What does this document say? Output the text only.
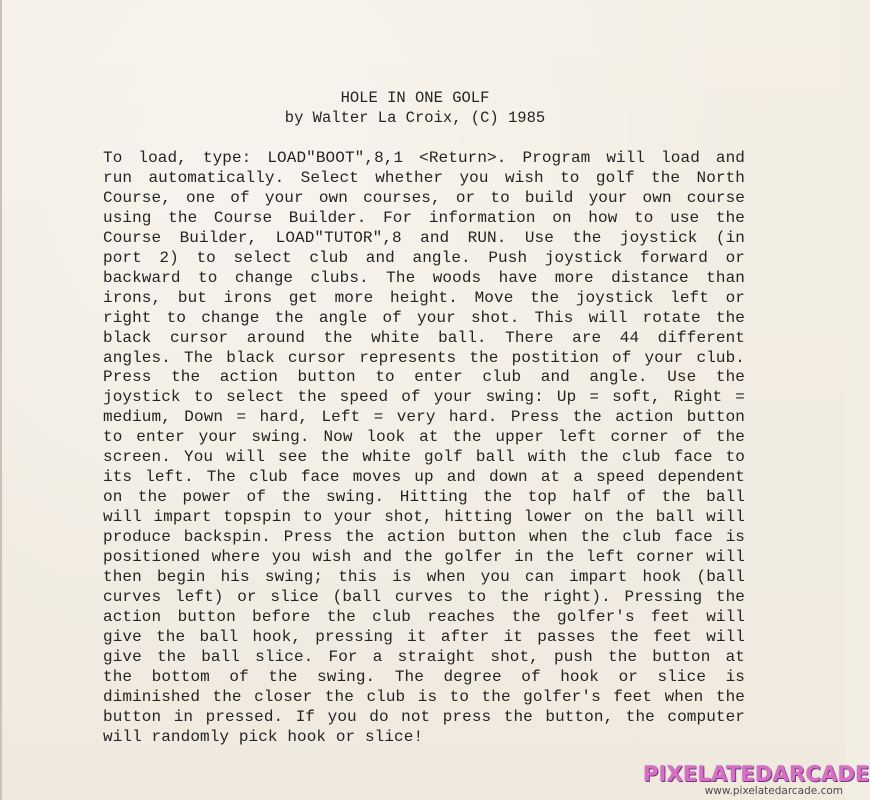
HOLE IN ONE GOLF
by Walter La Croix, (C) 1985
To load, type: LOAD"BOOT",8,1 <Return>. Program will load and
run automatically. Select whether you wish to golf the North
Course, one of your own courses, or to build your own course
using the Course Builder. For information on how to use the
Course Builder, LOAD"TUTOR",8 and RUN. Use the joystick (in
port 2) to select club and angle. Push joystick forward or
backward to change clubs. The woods have more distance than
irons, but irons get more height. Move the joystick left or
right to change the angle of your shot. This will rotate the
black cursor around the white ball. There are 44 different
angles. The black cursor represents the postition of your club.
Press the action button to enter club and angle. Use the
joystick to select the speed of your swing: Up = soft, Right =
medium, Down = hard, Left = very hard. Press the action button
to enter your swing. Now look at the upper left corner of the
screen. You will see the white golf ball with the club face to
its left. The club face moves up and down at a speed dependent
on the power of the swing. Hitting the top half of the ball
will impart topspin to your shot, hitting lower on the ball will
produce backspin. Press the action button when the club face is
positioned where you wish and the golfer in the left corner will
then begin his swing; this is when you can impart hook (ball
curves left) or slice (ball curves to the right). Pressing the
action button before the club reaches the golfer's feet will
give the ball hook, pressing it after it passes the feet will
give the ball slice. For a straight shot, push the button at
the bottom of the swing. The degree of hook or slice is
diminished the closer the club is to the golfer's feet when the
button in pressed. If you do not press the button, the computer
will randomly pick hook or slice!
PIXELATEDARCADE
www.pixelatedarcade.com
